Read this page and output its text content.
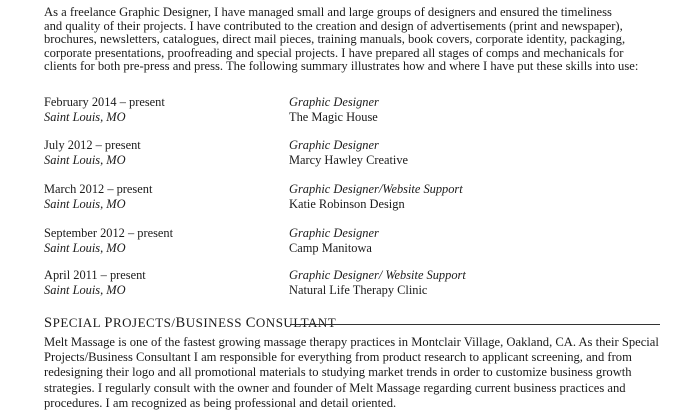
As a freelance Graphic Designer, I have managed small and large groups of designers and ensured the timeliness
and quality of their projects. I have contributed to the creation and design of advertisements (print and newspaper),
brochures, newsletters, catalogues, direct mail pieces, training manuals, book covers, corporate identity, packaging,
corporate presentations, proofreading and special projects. I have prepared all stages of comps and mechanicals for
clients for both pre-press and press. The following summary illustrates how and where I have put these skills into use:

February 2014 – present
Saint Louis, MO
Graphic Designer
The Magic House
July 2012 – present
Saint Louis, MO
Graphic Designer
Marcy Hawley Creative
March 2012 – present
Saint Louis, MO
Graphic Designer/Website Support
Katie Robinson Design
September 2012 – present
Saint Louis, MO
Graphic Designer
Camp Manitowa
April 2011 – present
Saint Louis, MO
Graphic Designer/ Website Support
Natural Life Therapy Clinic
SPECIAL PROJECTS/BUSINESS CONSULTANT
Melt Massage is one of the fastest growing massage therapy practices in Montclair Village, Oakland, CA. As their Special
Projects/Business Consultant I am responsible for everything from product research to applicant screening, and from
redesigning their logo and all promotional materials to studying market trends in order to customize business growth
strategies. I regularly consult with the owner and founder of Melt Massage regarding current business practices and
procedures. I am recognized as being professional and detail oriented.
